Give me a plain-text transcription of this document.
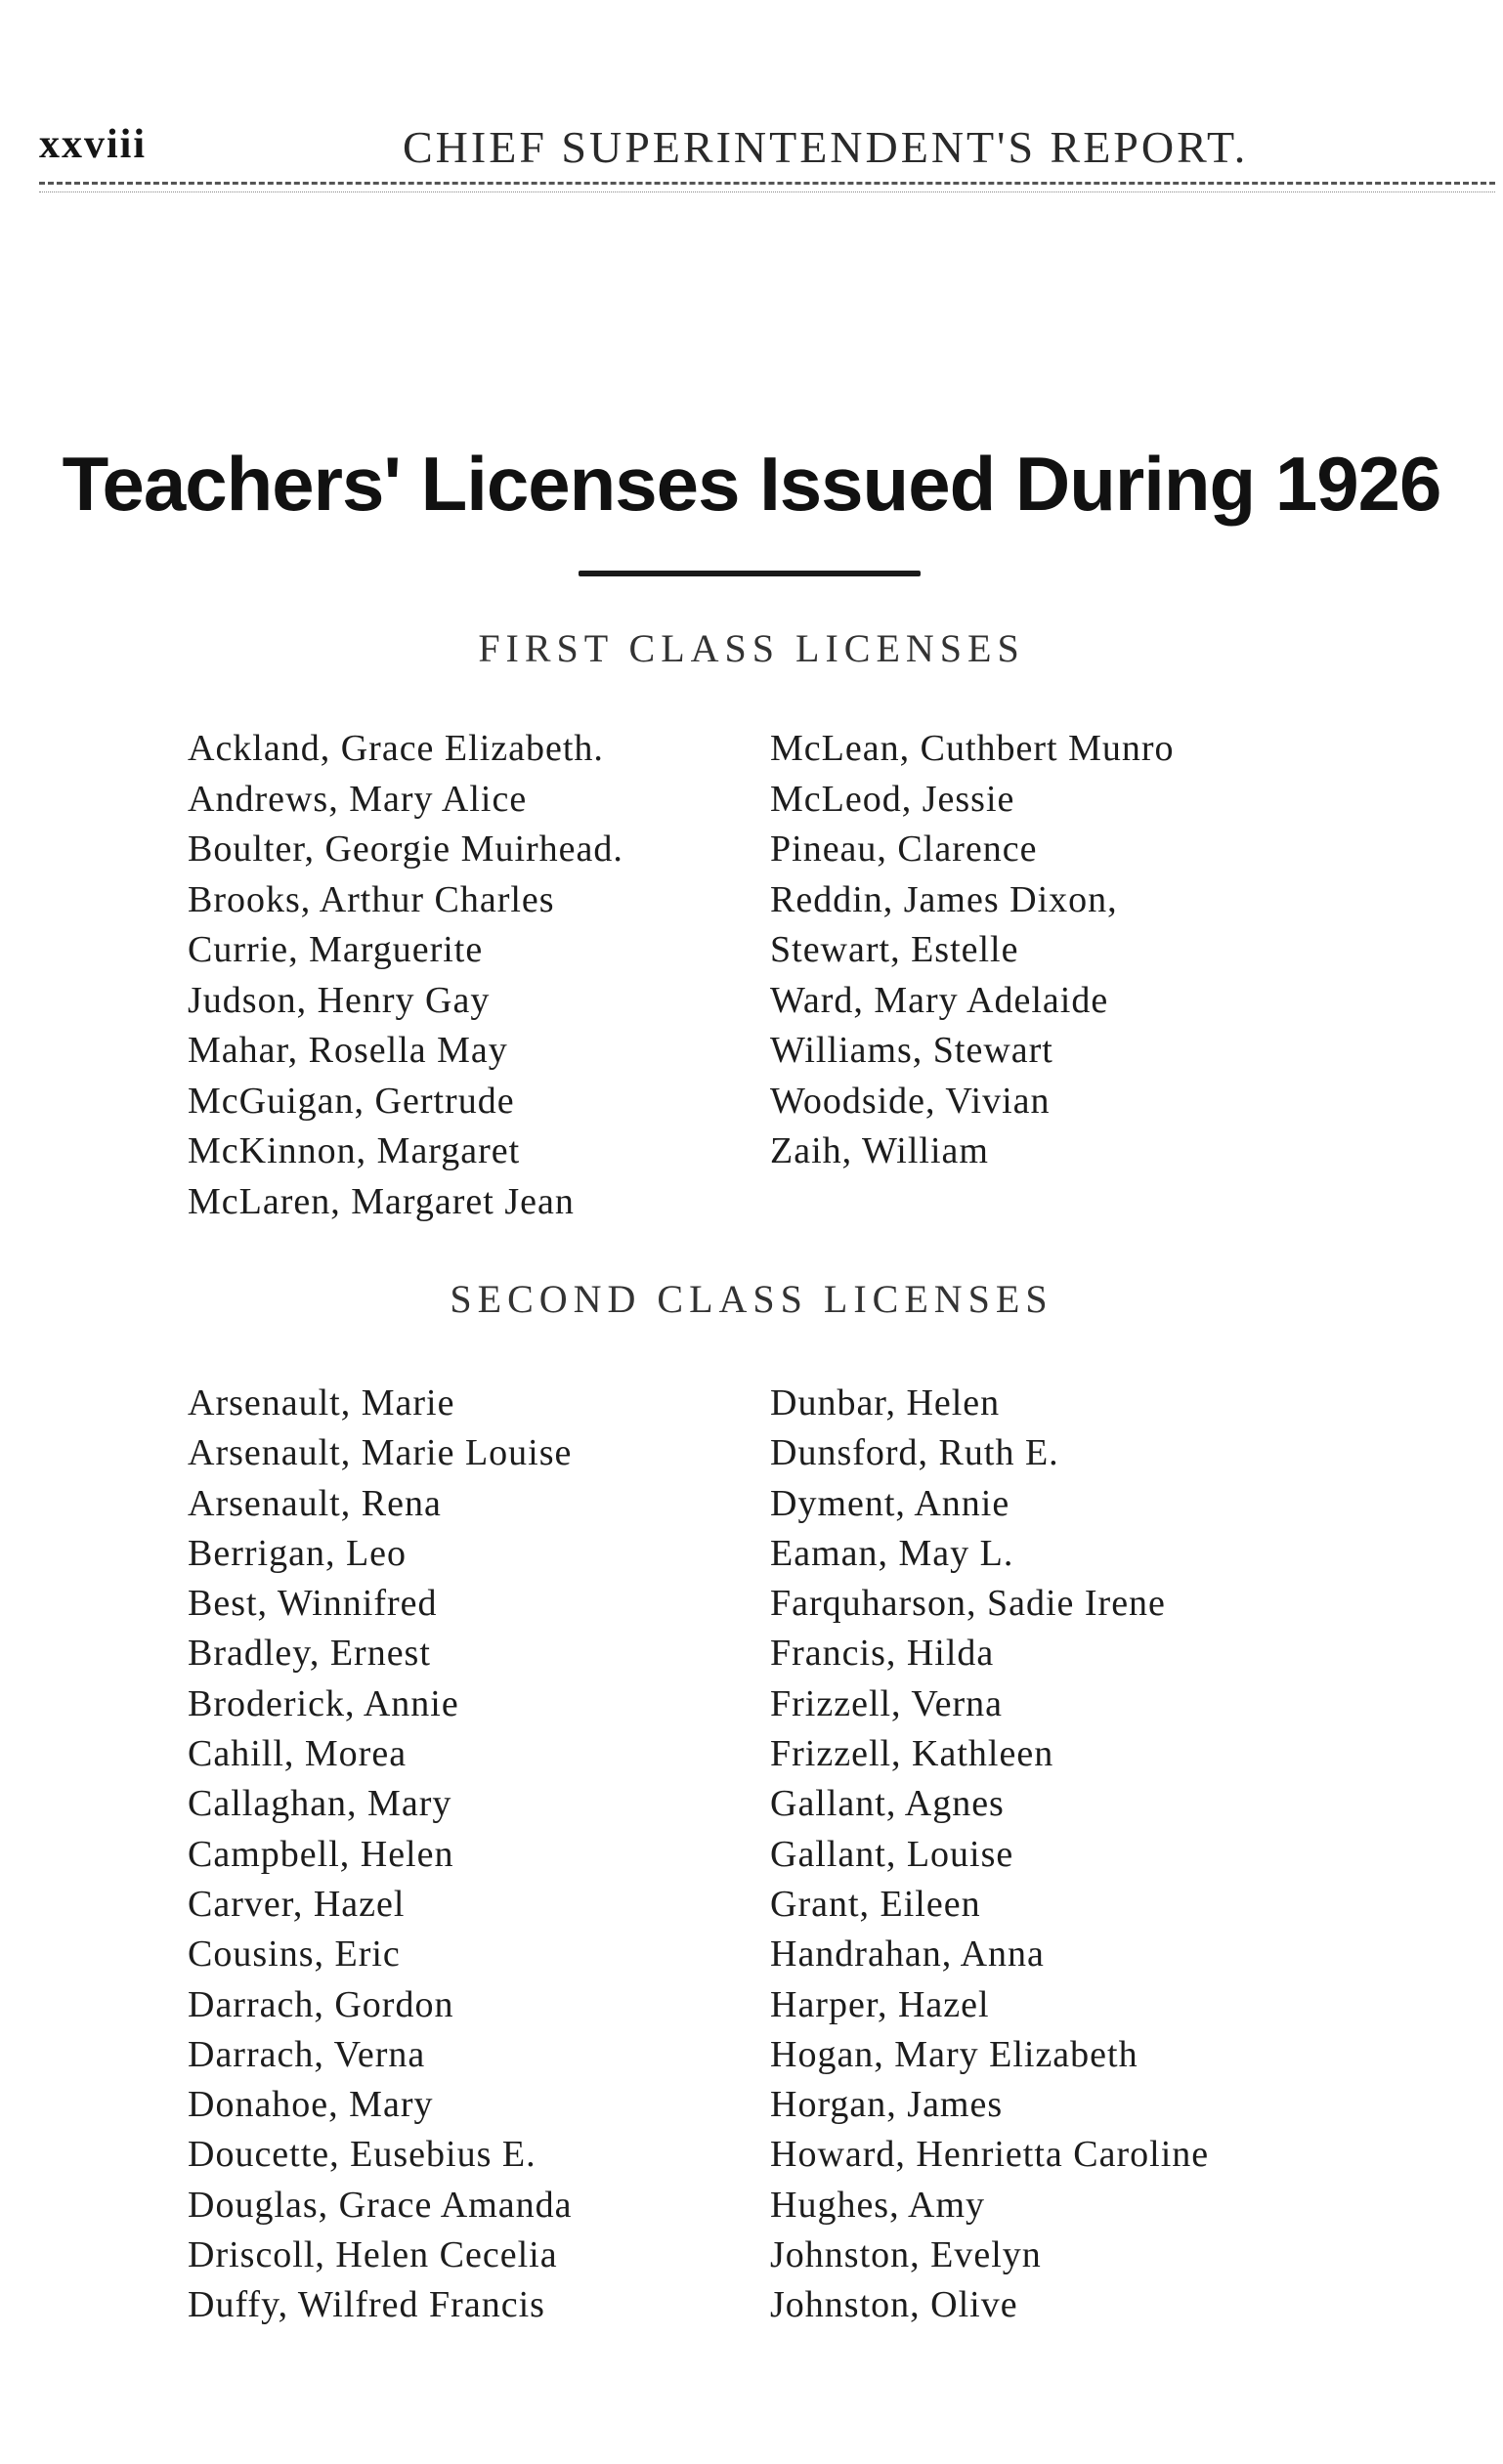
xxviii	CHIEF SUPERINTENDENT'S REPORT.
Teachers' Licenses Issued During 1926
FIRST CLASS LICENSES
Ackland, Grace Elizabeth.
Andrews, Mary Alice
Boulter, Georgie Muirhead.
Brooks, Arthur Charles
Currie, Marguerite
Judson, Henry Gay
Mahar, Rosella May
McGuigan, Gertrude
McKinnon, Margaret
McLaren, Margaret Jean
McLean, Cuthbert Munro
McLeod, Jessie
Pineau, Clarence
Reddin, James Dixon,
Stewart, Estelle
Ward, Mary Adelaide
Williams, Stewart
Woodside, Vivian
Zaih, William
SECOND CLASS LICENSES
Arsenault, Marie
Arsenault, Marie Louise
Arsenault, Rena
Berrigan, Leo
Best, Winnifred
Bradley, Ernest
Broderick, Annie
Cahill, Morea
Callaghan, Mary
Campbell, Helen
Carver, Hazel
Cousins, Eric
Darrach, Gordon
Darrach, Verna
Donahoe, Mary
Doucette, Eusebius E.
Douglas, Grace Amanda
Driscoll, Helen Cecelia
Duffy, Wilfred Francis
Dunbar, Helen
Dunsford, Ruth E.
Dyment, Annie
Eaman, May L.
Farquharson, Sadie Irene
Francis, Hilda
Frizzell, Verna
Frizzell, Kathleen
Gallant, Agnes
Gallant, Louise
Grant, Eileen
Handrahan, Anna
Harper, Hazel
Hogan, Mary Elizabeth
Horgan, James
Howard, Henrietta Caroline
Hughes, Amy
Johnston, Evelyn
Johnston, Olive
